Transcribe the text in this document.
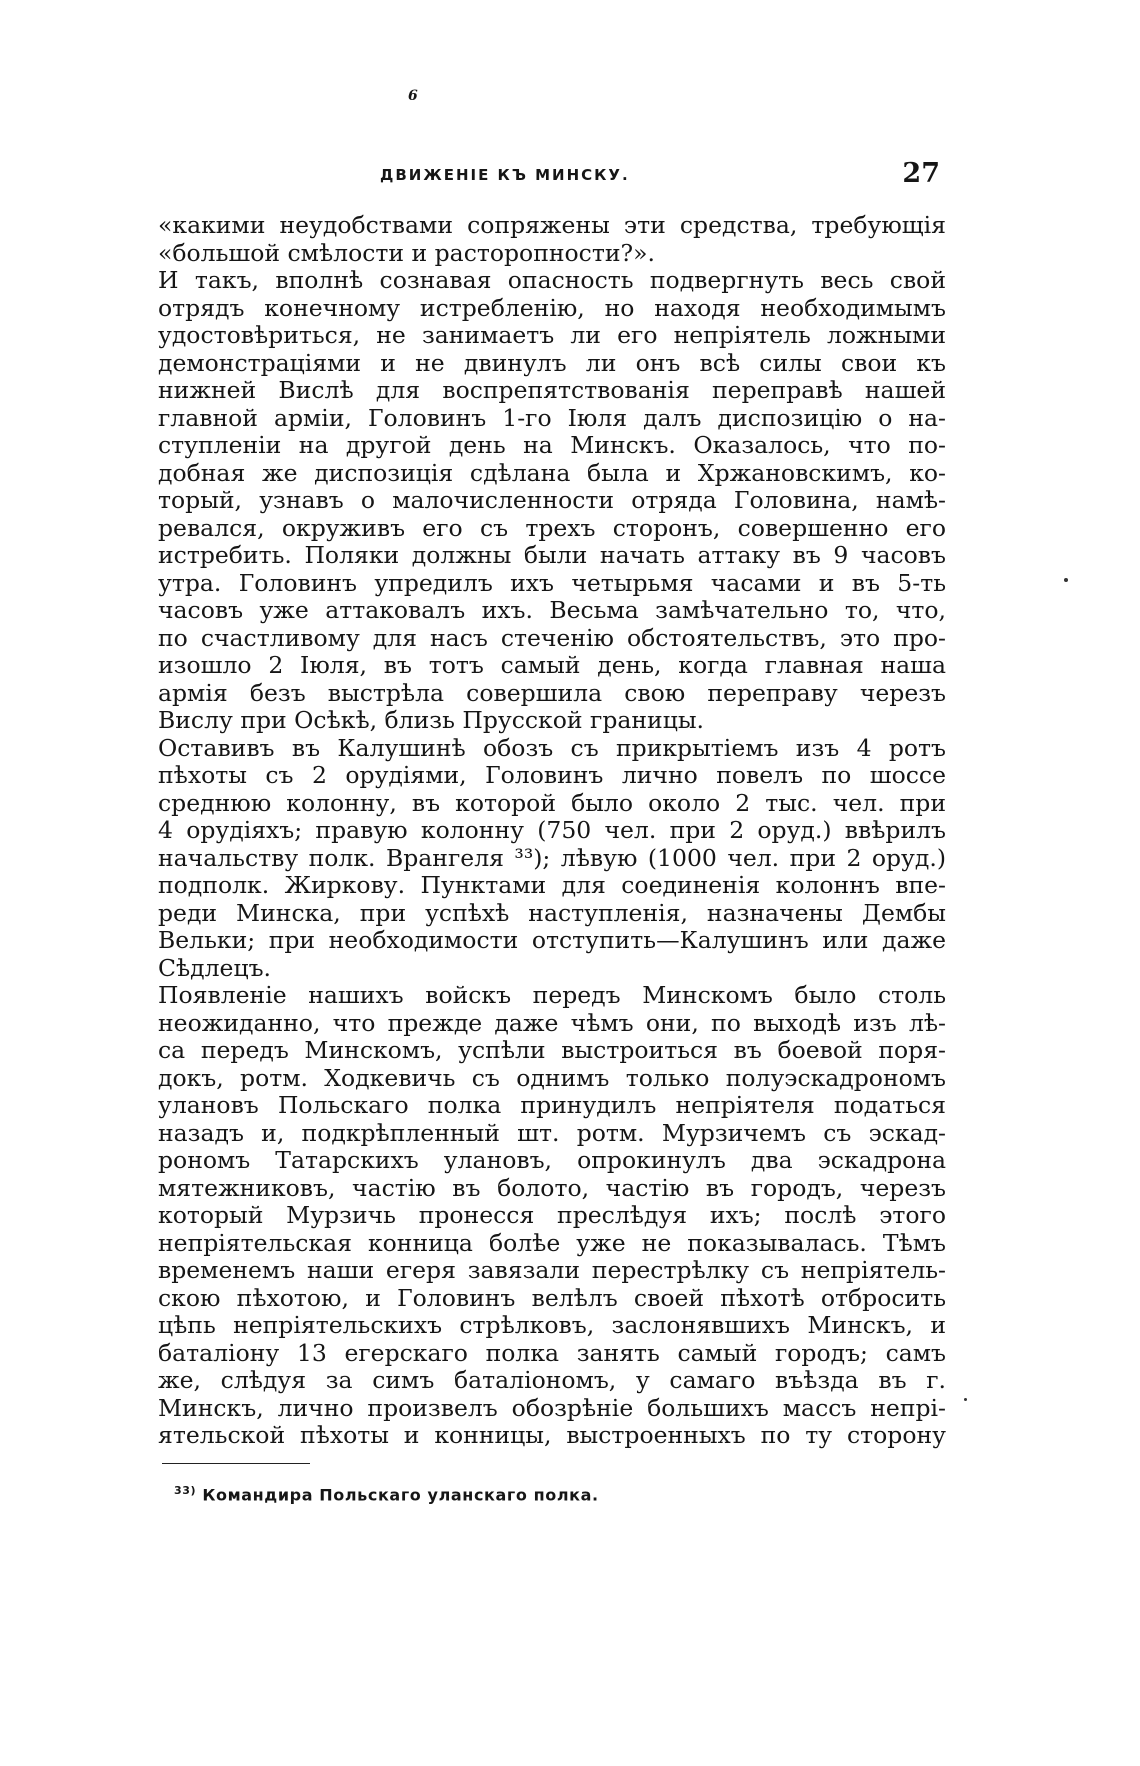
6
ДВИЖЕНІЕ КЪ МИНСКУ.	27
«какими неудобствами сопряжены эти средства, требующія
«большой смѣлости и расторопности?».
И такъ, вполнѣ сознавая опасность подвергнуть весь свой
отрядъ конечному истребленію, но находя необходимымъ
удостовѣриться, не занимаетъ ли его непріятель ложными
демонстраціями и не двинулъ ли онъ всѣ силы свои къ
нижней Вислѣ для воспрепятствованія переправѣ нашей
главной арміи, Головинъ 1-го Іюля далъ диспозицію о на-
ступленіи на другой день на Минскъ. Оказалось, что по-
добная же диспозиція сдѣлана была и Хржановскимъ, ко-
торый, узнавъ о малочисленности отряда Головина, намѣ-
ревался, окруживъ его съ трехъ сторонъ, совершенно его
истребить. Поляки должны были начать аттаку въ 9 часовъ
утра. Головинъ упредилъ ихъ четырьмя часами и въ 5-ть
часовъ уже аттаковалъ ихъ. Весьма замѣчательно то, что,
по счастливому для насъ стеченію обстоятельствъ, это про-
изошло 2 Іюля, въ тотъ самый день, когда главная наша
армія безъ выстрѣла совершила свою переправу черезъ
Вислу при Осѣкѣ, близь Прусской границы.
Оставивъ въ Калушинѣ обозъ съ прикрытіемъ изъ 4 ротъ
пѣхоты съ 2 орудіями, Головинъ лично повелъ по шоссе
среднюю колонну, въ которой было около 2 тыс. чел. при
4 орудіяхъ; правую колонну (750 чел. при 2 оруд.) ввѣрилъ
начальству полк. Врангеля ³³); лѣвую (1000 чел. при 2 оруд.)
подполк. Жиркову. Пунктами для соединенія колоннъ впе-
реди Минска, при успѣхѣ наступленія, назначены Дембы
Вельки; при необходимости отступить—Калушинъ или даже
Сѣдлецъ.
Появленіе нашихъ войскъ передъ Минскомъ было столь
неожиданно, что прежде даже чѣмъ они, по выходѣ изъ лѣ-
са передъ Минскомъ, успѣли выстроиться въ боевой поря-
докъ, ротм. Ходкевичь съ однимъ только полуэскадрономъ
улановъ Польскаго полка принудилъ непріятеля податься
назадъ и, подкрѣпленный шт. ротм. Мурзичемъ съ эскад-
рономъ Татарскихъ улановъ, опрокинулъ два эскадрона
мятежниковъ, частію въ болото, частію въ городъ, черезъ
который Мурзичь пронесся преслѣдуя ихъ; послѣ этого
непріятельская конница болѣе уже не показывалась. Тѣмъ
временемъ наши егеря завязали перестрѣлку съ непріятель-
скою пѣхотою, и Головинъ велѣлъ своей пѣхотѣ отбросить
цѣпь непріятельскихъ стрѣлковъ, заслонявшихъ Минскъ, и
баталіону 13 егерскаго полка занять самый городъ; самъ
же, слѣдуя за симъ баталіономъ, у самаго въѣзда въ г.
Минскъ, лично произвелъ обозрѣніе большихъ массъ непрі-
ятельской пѣхоты и конницы, выстроенныхъ по ту сторону
$^{33)}$ Командира Польскаго уланскаго полка.
